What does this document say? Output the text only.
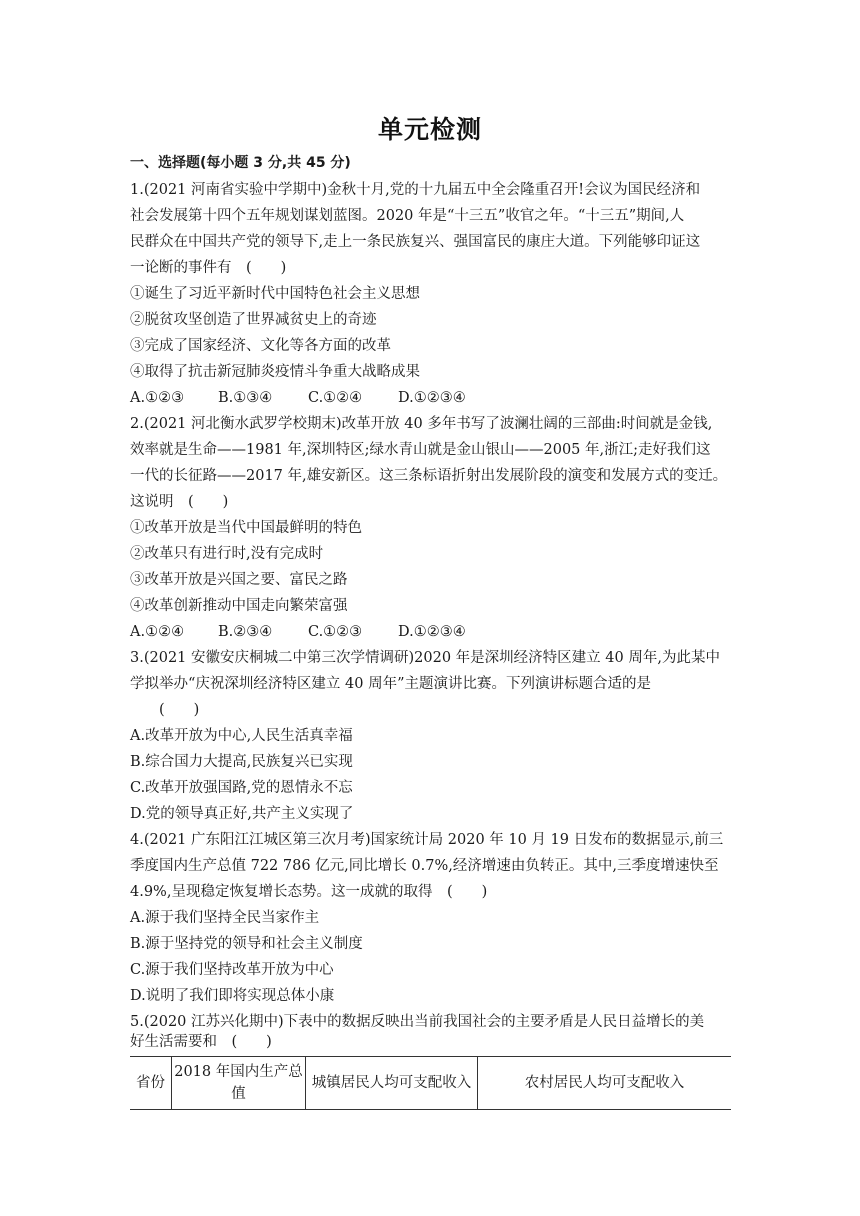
单元检测
一、选择题(每小题 3 分,共 45 分)
1.(2021 河南省实验中学期中)金秋十月,党的十九届五中全会隆重召开!会议为国民经济和
社会发展第十四个五年规划谋划蓝图。2020 年是“十三五”收官之年。“十三五”期间,人
民群众在中国共产党的领导下,走上一条民族复兴、强国富民的康庄大道。下列能够印证这
一论断的事件有　(　　)
①诞生了习近平新时代中国特色社会主义思想
②脱贫攻坚创造了世界减贫史上的奇迹
③完成了国家经济、文化等各方面的改革
④取得了抗击新冠肺炎疫情斗争重大战略成果
A.①②③ B.①③④ C.①②④ D.①②③④
2.(2021 河北衡水武罗学校期末)改革开放 40 多年书写了波澜壮阔的三部曲:时间就是金钱,
效率就是生命——1981 年,深圳特区;绿水青山就是金山银山——2005 年,浙江;走好我们这
一代的长征路——2017 年,雄安新区。这三条标语折射出发展阶段的演变和发展方式的变迁。
这说明　(　　)
①改革开放是当代中国最鲜明的特色
②改革只有进行时,没有完成时
③改革开放是兴国之要、富民之路
④改革创新推动中国走向繁荣富强
A.①②④ B.②③④ C.①②③ D.①②③④
3.(2021 安徽安庆桐城二中第三次学情调研)2020 年是深圳经济特区建立 40 周年,为此某中
学拟举办“庆祝深圳经济特区建立 40 周年”主题演讲比赛。下列演讲标题合适的是
　　(　　)
A.改革开放为中心,人民生活真幸福
B.综合国力大提高,民族复兴已实现
C.改革开放强国路,党的恩情永不忘
D.党的领导真正好,共产主义实现了
4.(2021 广东阳江江城区第三次月考)国家统计局 2020 年 10 月 19 日发布的数据显示,前三
季度国内生产总值 722 786 亿元,同比增长 0.7%,经济增速由负转正。其中,三季度增速快至
4.9%,呈现稳定恢复增长态势。这一成就的取得　(　　)
A.源于我们坚持全民当家作主
B.源于坚持党的领导和社会主义制度
C.源于我们坚持改革开放为中心
D.说明了我们即将实现总体小康
5.(2020 江苏兴化期中)下表中的数据反映出当前我国社会的主要矛盾是人民日益增长的美
好生活需要和　(　　)
省份
2018 年国内生产总值
城镇居民人均可支配收入	农村居民人均可支配收入
